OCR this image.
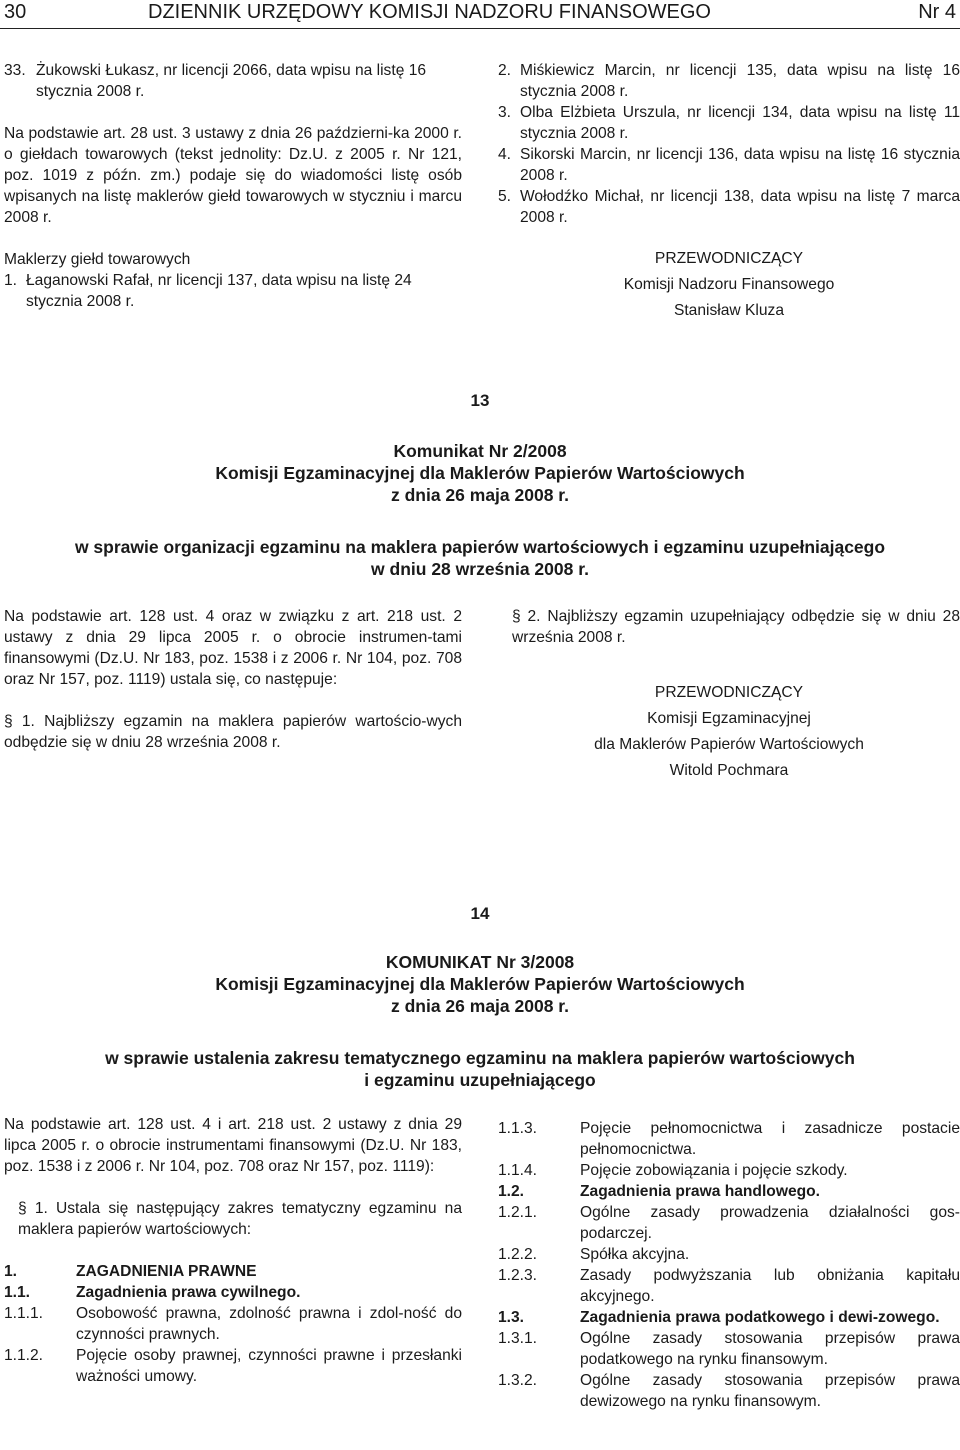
30	DZIENNIK URZĘDOWY KOMISJI NADZORU FINANSOWEGO	Nr 4
33. Żukowski Łukasz, nr licencji 2066, data wpisu na listę 16 stycznia 2008 r.

Na podstawie art. 28 ust. 3 ustawy z dnia 26 październi-ka 2000 r. o giełdach towarowych (tekst jednolity: Dz.U. z 2005 r. Nr 121, poz. 1019 z późn. zm.) podaje się do wiadomości listę osób wpisanych na listę maklerów giełd towarowych w styczniu i marcu 2008 r.

Maklerzy giełd towarowych

1. Łaganowski Rafał, nr licencji 137, data wpisu na listę 24 stycznia 2008 r.
2. Miśkiewicz Marcin, nr licencji 135, data wpisu na listę 16 stycznia 2008 r.
3. Olba Elżbieta Urszula, nr licencji 134, data wpisu na listę 11 stycznia 2008 r.
4. Sikorski Marcin, nr licencji 136, data wpisu na listę 16 stycznia 2008 r.
5. Wołodźko Michał, nr licencji 138, data wpisu na listę 7 marca 2008 r.
PRZEWODNICZĄCY
Komisji Nadzoru Finansowego
Stanisław Kluza
13
Komunikat Nr 2/2008
Komisji Egzaminacyjnej dla Maklerów Papierów Wartościowych
z dnia 26 maja 2008 r.
w sprawie organizacji egzaminu na maklera papierów wartościowych i egzaminu uzupełniającego
w dniu 28 września 2008 r.

Na podstawie art. 128 ust. 4 oraz w związku z art. 218 ust. 2 ustawy z dnia 29 lipca 2005 r. o obrocie instrumen-tami finansowymi (Dz.U. Nr 183, poz. 1538 i z 2006 r. Nr 104, poz. 708 oraz Nr 157, poz. 1119) ustala się, co następuje:

§ 1. Najbliższy egzamin na maklera papierów wartościo-wych odbędzie się w dniu 28 września 2008 r.

§ 2. Najbliższy egzamin uzupełniający odbędzie się w dniu 28 września 2008 r.

PRZEWODNICZĄCY
Komisji Egzaminacyjnej
dla Maklerów Papierów Wartościowych
Witold Pochmara
14
KOMUNIKAT Nr 3/2008
Komisji Egzaminacyjnej dla Maklerów Papierów Wartościowych
z dnia 26 maja 2008 r.
w sprawie ustalenia zakresu tematycznego egzaminu na maklera papierów wartościowych
i egzaminu uzupełniającego

Na podstawie art. 128 ust. 4 i art. 218 ust. 2 ustawy z dnia 29 lipca 2005 r. o obrocie instrumentami finansowymi (Dz.U. Nr 183, poz. 1538 i z 2006 r. Nr 104, poz. 708 oraz Nr 157, poz. 1119):

§ 1. Ustala się następujący zakres tematyczny egzaminu na maklera papierów wartościowych:

1.	ZAGADNIENIA PRAWNE
1.1.	Zagadnienia prawa cywilnego.
1.1.1.	Osobowość prawna, zdolność prawna i zdol-ność do czynności prawnych.
1.1.2.	Pojęcie osoby prawnej, czynności prawne i przesłanki ważności umowy.
1.1.3.	Pojęcie pełnomocnictwa i zasadnicze postacie pełnomocnictwa.
1.1.4.	Pojęcie zobowiązania i pojęcie szkody.
1.2.	Zagadnienia prawa handlowego.
1.2.1.	Ogólne zasady prowadzenia działalności gos-podarczej.
1.2.2.	Spółka akcyjna.
1.2.3.	Zasady podwyższania lub obniżania kapitału akcyjnego.
1.3.	Zagadnienia prawa podatkowego i dewi-zowego.
1.3.1.	Ogólne zasady stosowania przepisów prawa podatkowego na rynku finansowym.
1.3.2.	Ogólne zasady stosowania przepisów prawa dewizowego na rynku finansowym.
